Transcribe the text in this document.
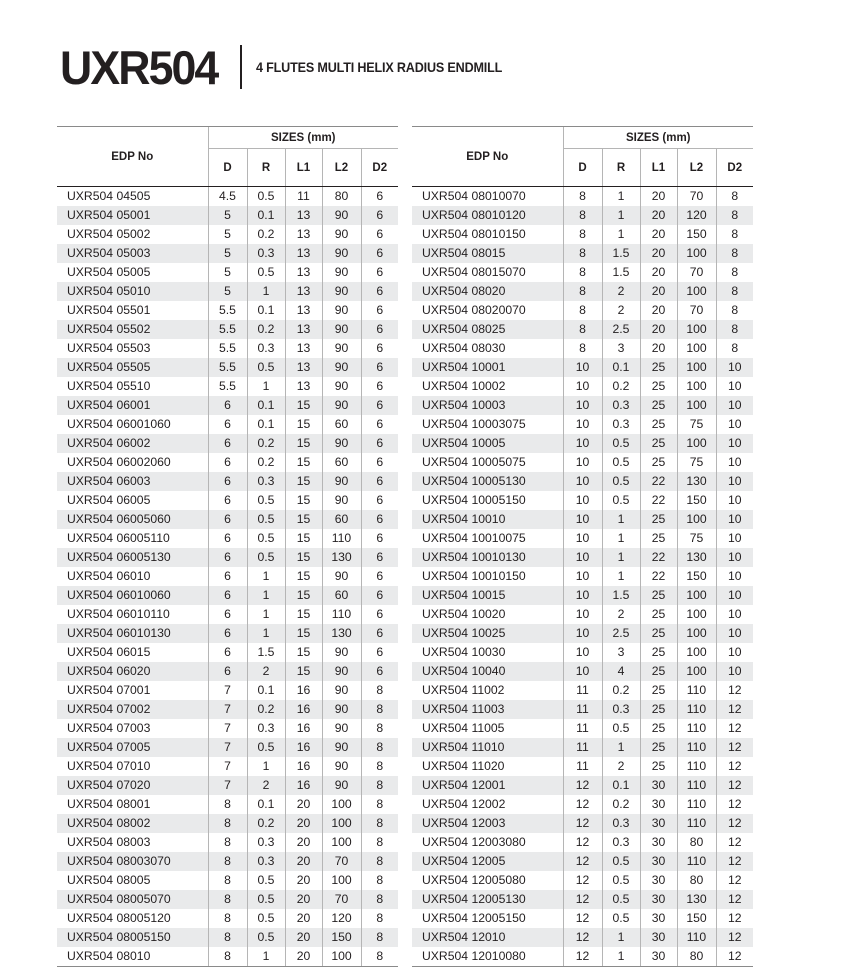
UXR504	4 FLUTES MULTI HELIX RADIUS ENDMILL
EDP No	SIZES (mm)				
	D	R	L1	L2	D2
UXR504 04505	4.5	0.5	11	80	6
UXR504 05001	5	0.1	13	90	6
UXR504 05002	5	0.2	13	90	6
UXR504 05003	5	0.3	13	90	6
UXR504 05005	5	0.5	13	90	6
UXR504 05010	5	1	13	90	6
UXR504 05501	5.5	0.1	13	90	6
UXR504 05502	5.5	0.2	13	90	6
UXR504 05503	5.5	0.3	13	90	6
UXR504 05505	5.5	0.5	13	90	6
UXR504 05510	5.5	1	13	90	6
UXR504 06001	6	0.1	15	90	6
UXR504 06001060	6	0.1	15	60	6
UXR504 06002	6	0.2	15	90	6
UXR504 06002060	6	0.2	15	60	6
UXR504 06003	6	0.3	15	90	6
UXR504 06005	6	0.5	15	90	6
UXR504 06005060	6	0.5	15	60	6
UXR504 06005110	6	0.5	15	110	6
UXR504 06005130	6	0.5	15	130	6
UXR504 06010	6	1	15	90	6
UXR504 06010060	6	1	15	60	6
UXR504 06010110	6	1	15	110	6
UXR504 06010130	6	1	15	130	6
UXR504 06015	6	1.5	15	90	6
UXR504 06020	6	2	15	90	6
UXR504 07001	7	0.1	16	90	8
UXR504 07002	7	0.2	16	90	8
UXR504 07003	7	0.3	16	90	8
UXR504 07005	7	0.5	16	90	8
UXR504 07010	7	1	16	90	8
UXR504 07020	7	2	16	90	8
UXR504 08001	8	0.1	20	100	8
UXR504 08002	8	0.2	20	100	8
UXR504 08003	8	0.3	20	100	8
UXR504 08003070	8	0.3	20	70	8
UXR504 08005	8	0.5	20	100	8
UXR504 08005070	8	0.5	20	70	8
UXR504 08005120	8	0.5	20	120	8
UXR504 08005150	8	0.5	20	150	8
UXR504 08010	8	1	20	100	8
EDP No	SIZES (mm)				
	D	R	L1	L2	D2
UXR504 08010070	8	1	20	70	8
UXR504 08010120	8	1	20	120	8
UXR504 08010150	8	1	20	150	8
UXR504 08015	8	1.5	20	100	8
UXR504 08015070	8	1.5	20	70	8
UXR504 08020	8	2	20	100	8
UXR504 08020070	8	2	20	70	8
UXR504 08025	8	2.5	20	100	8
UXR504 08030	8	3	20	100	8
UXR504 10001	10	0.1	25	100	10
UXR504 10002	10	0.2	25	100	10
UXR504 10003	10	0.3	25	100	10
UXR504 10003075	10	0.3	25	75	10
UXR504 10005	10	0.5	25	100	10
UXR504 10005075	10	0.5	25	75	10
UXR504 10005130	10	0.5	22	130	10
UXR504 10005150	10	0.5	22	150	10
UXR504 10010	10	1	25	100	10
UXR504 10010075	10	1	25	75	10
UXR504 10010130	10	1	22	130	10
UXR504 10010150	10	1	22	150	10
UXR504 10015	10	1.5	25	100	10
UXR504 10020	10	2	25	100	10
UXR504 10025	10	2.5	25	100	10
UXR504 10030	10	3	25	100	10
UXR504 10040	10	4	25	100	10
UXR504 11002	11	0.2	25	110	12
UXR504 11003	11	0.3	25	110	12
UXR504 11005	11	0.5	25	110	12
UXR504 11010	11	1	25	110	12
UXR504 11020	11	2	25	110	12
UXR504 12001	12	0.1	30	110	12
UXR504 12002	12	0.2	30	110	12
UXR504 12003	12	0.3	30	110	12
UXR504 12003080	12	0.3	30	80	12
UXR504 12005	12	0.5	30	110	12
UXR504 12005080	12	0.5	30	80	12
UXR504 12005130	12	0.5	30	130	12
UXR504 12005150	12	0.5	30	150	12
UXR504 12010	12	1	30	110	12
UXR504 12010080	12	1	30	80	12
